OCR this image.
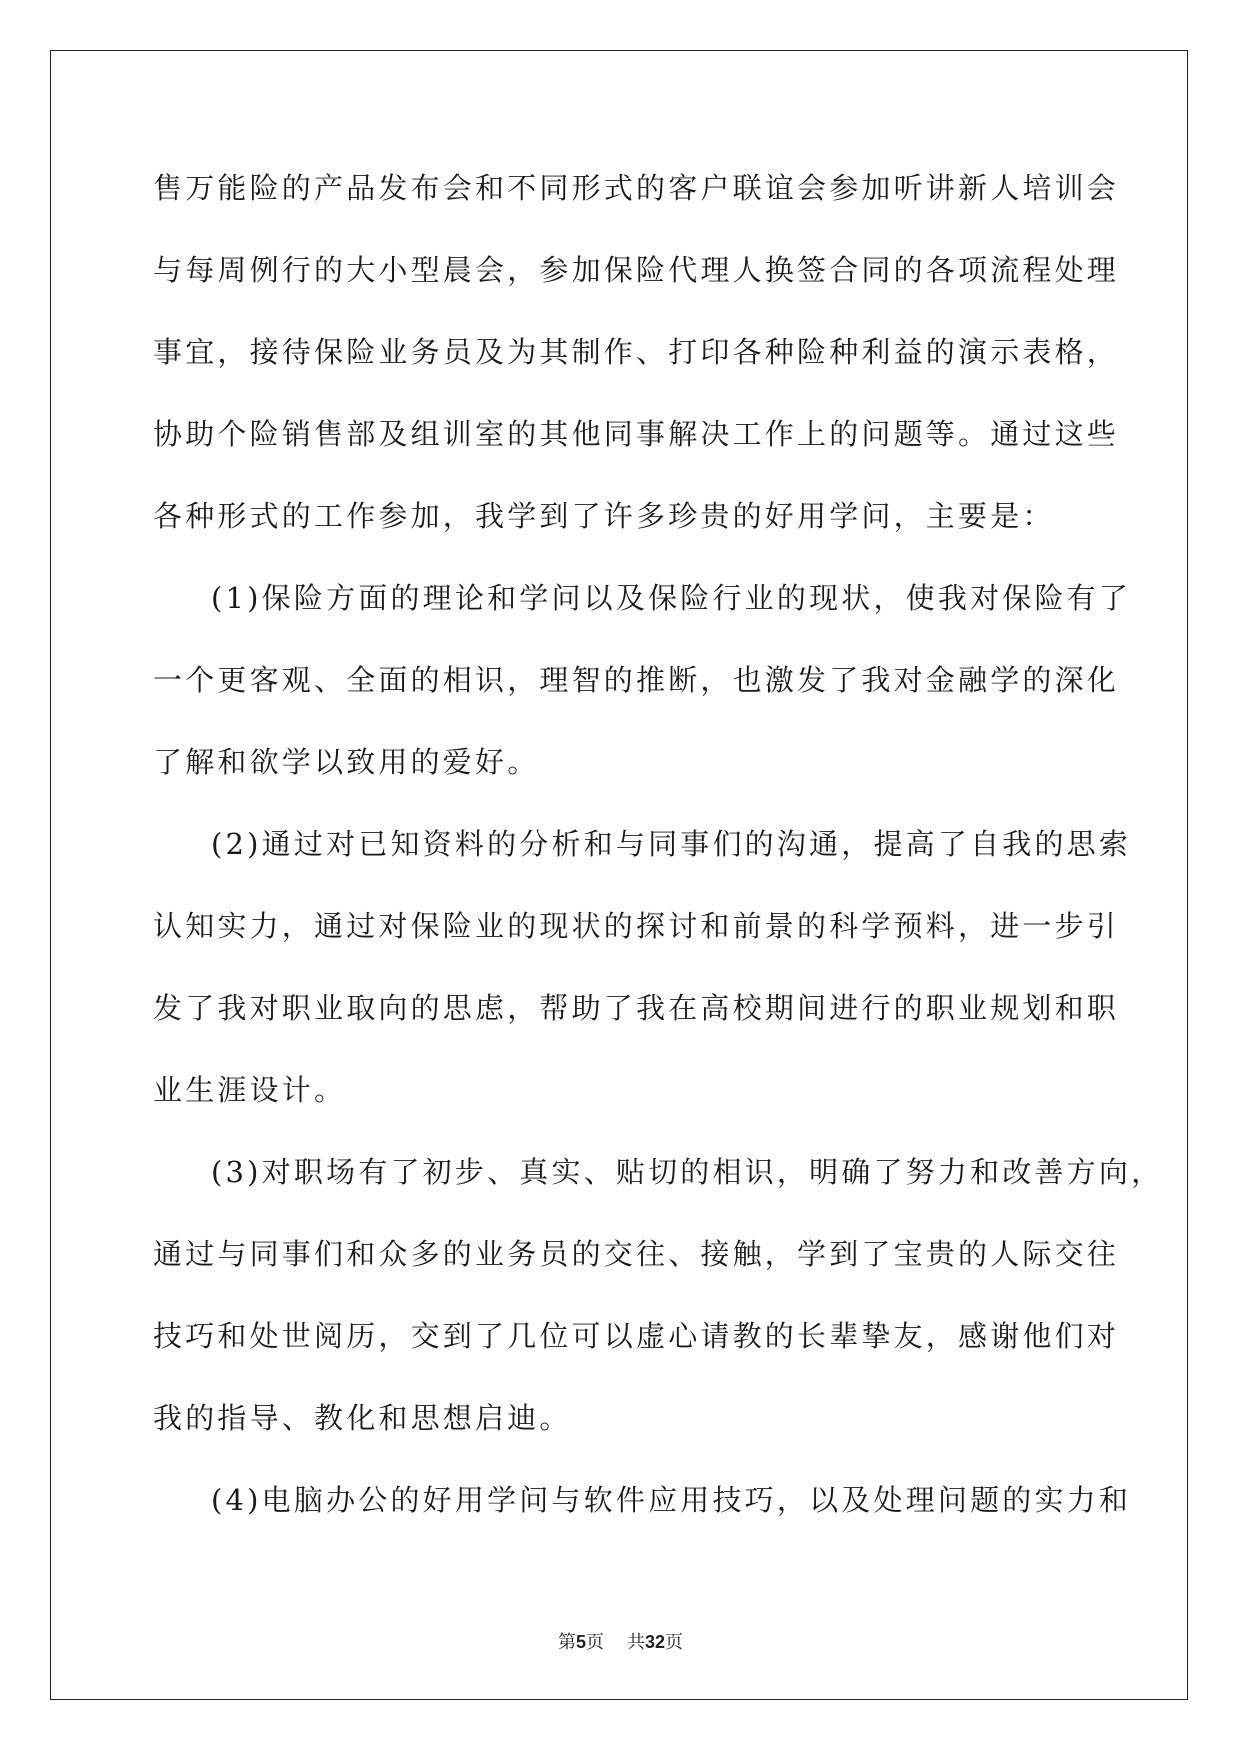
售万能险的产品发布会和不同形式的客户联谊会参加听讲新人培训会
与每周例行的大小型晨会，参加保险代理人换签合同的各项流程处理
事宜，接待保险业务员及为其制作、打印各种险种利益的演示表格，
协助个险销售部及组训室的其他同事解决工作上的问题等。通过这些
各种形式的工作参加，我学到了许多珍贵的好用学问，主要是：
(1)保险方面的理论和学问以及保险行业的现状，使我对保险有了
一个更客观、全面的相识，理智的推断，也激发了我对金融学的深化
了解和欲学以致用的爱好。
(2)通过对已知资料的分析和与同事们的沟通，提高了自我的思索
认知实力，通过对保险业的现状的探讨和前景的科学预料，进一步引
发了我对职业取向的思虑，帮助了我在高校期间进行的职业规划和职
业生涯设计。
(3)对职场有了初步、真实、贴切的相识，明确了努力和改善方向，
通过与同事们和众多的业务员的交往、接触，学到了宝贵的人际交往
技巧和处世阅历，交到了几位可以虚心请教的长辈挚友，感谢他们对
我的指导、教化和思想启迪。
(4)电脑办公的好用学问与软件应用技巧，以及处理问题的实力和
第5页 共32页
